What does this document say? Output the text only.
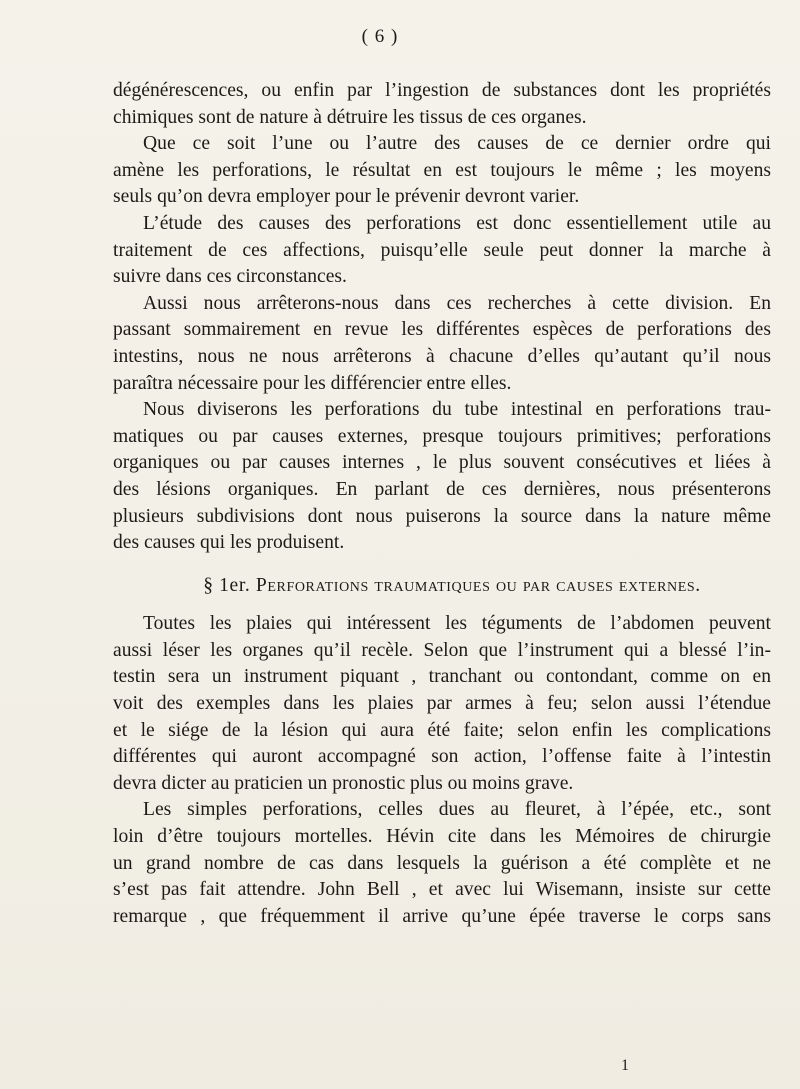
( 6 )
dégénérescences, ou enfin par l’ingestion de substances dont les propriétés
chimiques sont de nature à détruire les tissus de ces organes.
Que ce soit l’une ou l’autre des causes de ce dernier ordre qui
amène les perforations, le résultat en est toujours le même ; les moyens
seuls qu’on devra employer pour le prévenir devront varier.
L’étude des causes des perforations est donc essentiellement utile au
traitement de ces affections, puisqu’elle seule peut donner la marche à
suivre dans ces circonstances.
Aussi nous arrêterons-nous dans ces recherches à cette division. En
passant sommairement en revue les différentes espèces de perforations des
intestins, nous ne nous arrêterons à chacune d’elles qu’autant qu’il nous
paraîtra nécessaire pour les différencier entre elles.
Nous diviserons les perforations du tube intestinal en perforations trau-
matiques ou par causes externes, presque toujours primitives; perforations
organiques ou par causes internes , le plus souvent consécutives et liées à
des lésions organiques. En parlant de ces dernières, nous présenterons
plusieurs subdivisions dont nous puiserons la source dans la nature même
des causes qui les produisent.
§ 1er. Perforations traumatiques ou par causes externes.
Toutes les plaies qui intéressent les téguments de l’abdomen peuvent
aussi léser les organes qu’il recèle. Selon que l’instrument qui a blessé l’in-
testin sera un instrument piquant , tranchant ou contondant, comme on en
voit des exemples dans les plaies par armes à feu; selon aussi l’étendue
et le siége de la lésion qui aura été faite; selon enfin les complications
différentes qui auront accompagné son action, l’offense faite à l’intestin
devra dicter au praticien un pronostic plus ou moins grave.
Les simples perforations, celles dues au fleuret, à l’épée, etc., sont
loin d’être toujours mortelles. Hévin cite dans les Mémoires de chirurgie
un grand nombre de cas dans lesquels la guérison a été complète et ne
s’est pas fait attendre. John Bell , et avec lui Wisemann, insiste sur cette
remarque , que fréquemment il arrive qu’une épée traverse le corps sans
1
